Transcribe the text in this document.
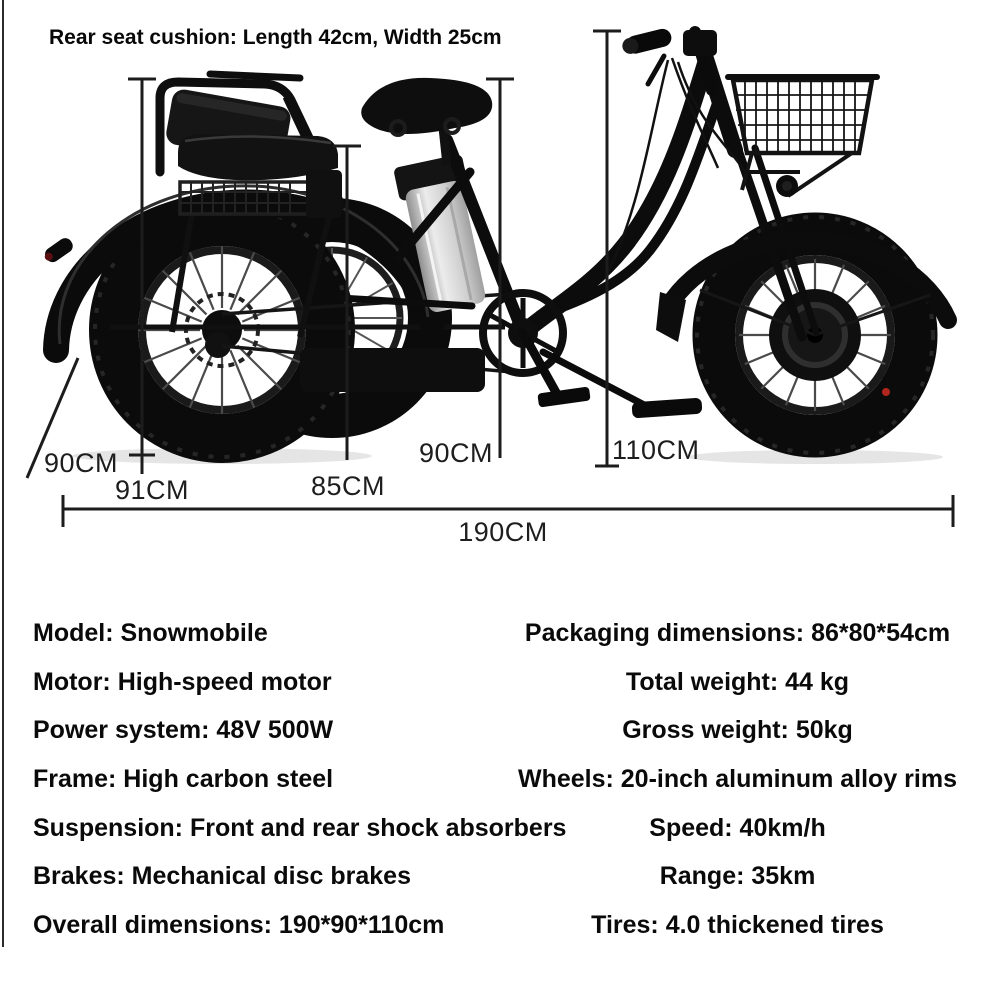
Rear seat cushion: Length 42cm, Width 25cm
90CM
91CM	85CM
90CM	110CM
190CM
Model: Snowmobile	Packaging dimensions: 86*80*54cm
Motor: High-speed motor	Total weight: 44 kg
Power system: 48V 500W	Gross weight: 50kg
Frame: High carbon steel	Wheels: 20-inch aluminum alloy rims
Suspension: Front and rear shock absorbers	Speed: 40km/h
Brakes: Mechanical disc brakes	Range: 35km
Overall dimensions: 190*90*110cm	Tires: 4.0 thickened tires
